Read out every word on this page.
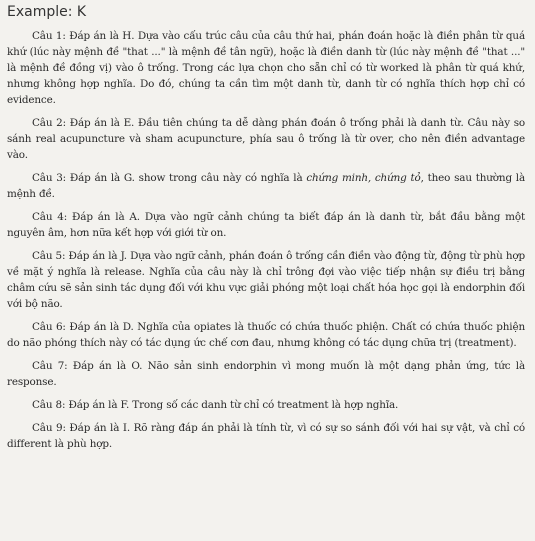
Example: K

Câu 1: Đáp án là H. Dựa vào cấu trúc câu của câu thứ hai, phán đoán hoặc là điền phân từ quá khứ (lúc này mệnh đề "that ..." là mệnh đề tân ngữ), hoặc là điền danh từ (lúc này mệnh đề "that ..." là mệnh đề đồng vị) vào ô trống. Trong các lựa chọn cho sẵn chỉ có từ worked là phân từ quá khứ, nhưng không hợp nghĩa. Do đó, chúng ta cần tìm một danh từ, danh từ có nghĩa thích hợp chỉ có evidence.

Câu 2: Đáp án là E. Đầu tiên chúng ta dễ dàng phán đoán ô trống phải là danh từ. Câu này so sánh real acupuncture và sham acupuncture, phía sau ô trống là từ over, cho nên điền advantage vào.

Câu 3: Đáp án là G. show trong câu này có nghĩa là chứng minh, chứng tỏ, theo sau thường là mệnh đề.

Câu 4: Đáp án là A. Dựa vào ngữ cảnh chúng ta biết đáp án là danh từ, bắt đầu bằng một nguyên âm, hơn nữa kết hợp với giới từ on.

Câu 5: Đáp án là J. Dựa vào ngữ cảnh, phán đoán ô trống cần điền vào động từ, động từ phù hợp về mặt ý nghĩa là release. Nghĩa của câu này là chỉ trông đợi vào việc tiếp nhận sự điều trị bằng châm cứu sẽ sản sinh tác dụng đối với khu vực giải phóng một loại chất hóa học gọi là endorphin đối với bộ não.

Câu 6: Đáp án là D. Nghĩa của opiates là thuốc có chứa thuốc phiện. Chất có chứa thuốc phiện do não phóng thích này có tác dụng ức chế cơn đau, nhưng không có tác dụng chữa trị (treatment).

Câu 7: Đáp án là O. Não sản sinh endorphin vì mong muốn là một dạng phản ứng, tức là response.

Câu 8: Đáp án là F. Trong số các danh từ chỉ có treatment là hợp nghĩa.

Câu 9: Đáp án là I. Rõ ràng đáp án phải là tính từ, vì có sự so sánh đối với hai sự vật, và chỉ có different là phù hợp.
